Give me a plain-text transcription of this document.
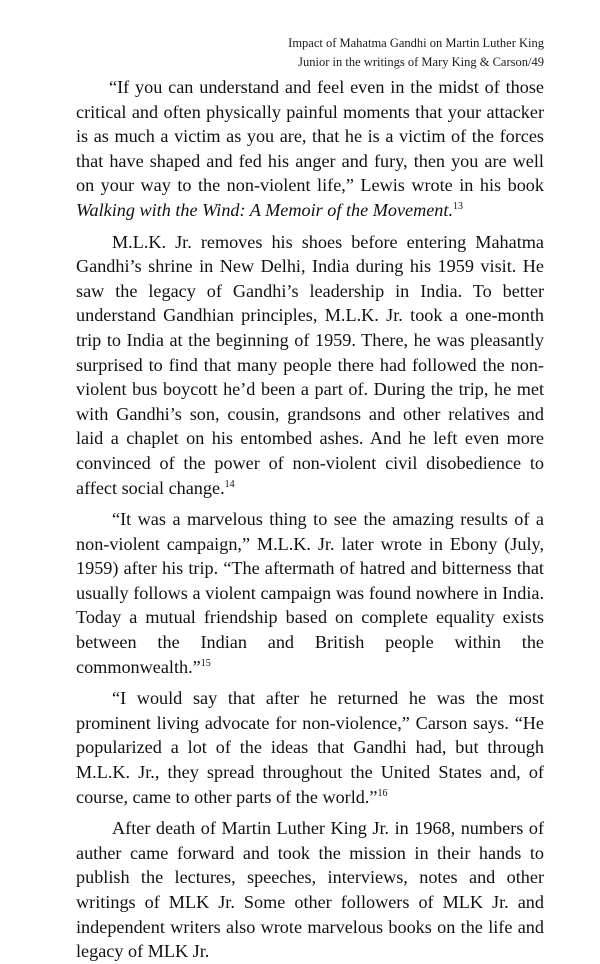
Impact of Mahatma Gandhi on Martin Luther King
Junior in the writings of Mary King & Carson/49

“If you can understand and feel even in the midst of those critical and often physically painful moments that your attacker is as much a victim as you are, that he is a victim of the forces that have shaped and fed his anger and fury, then you are well on your way to the non-violent life,” Lewis wrote in his book Walking with the Wind: A Memoir of the Movement.$^{13}$

M.L.K. Jr. removes his shoes before entering Mahatma Gandhi’s shrine in New Delhi, India during his 1959 visit. He saw the legacy of Gandhi’s leadership in India. To better understand Gandhian principles, M.L.K. Jr. took a one-month trip to India at the beginning of 1959. There, he was pleasantly surprised to find that many people there had followed the non-violent bus boycott he’d been a part of. During the trip, he met with Gandhi’s son, cousin, grandsons and other relatives and laid a chaplet on his entombed ashes. And he left even more convinced of the power of non-violent civil disobedience to affect social change.$^{14}$

“It was a marvelous thing to see the amazing results of a non-violent campaign,” M.L.K. Jr. later wrote in Ebony (July, 1959) after his trip. “The aftermath of hatred and bitterness that usually follows a violent campaign was found nowhere in India. Today a mutual friendship based on complete equality exists between the Indian and British people within the commonwealth.”$^{15}$

“I would say that after he returned he was the most prominent living advocate for non-violence,” Carson says. “He popularized a lot of the ideas that Gandhi had, but through M.L.K. Jr., they spread throughout the United States and, of course, came to other parts of the world.”$^{16}$

After death of Martin Luther King Jr. in 1968, numbers of auther came forward and took the mission in their hands to publish the lectures, speeches, interviews, notes and other writings of MLK Jr. Some other followers of MLK Jr. and independent writers also wrote marvelous books on the life and legacy of MLK Jr.
